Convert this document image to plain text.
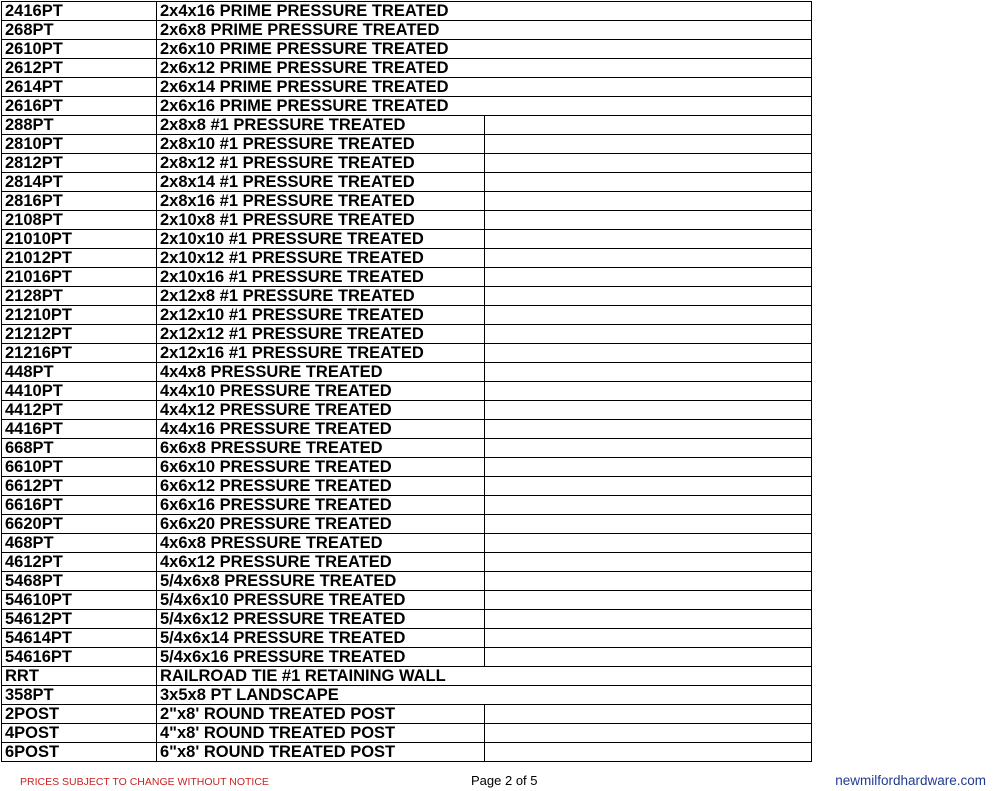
2416PT	2x4x16 PRIME PRESSURE TREATED	
268PT	2x6x8 PRIME PRESSURE TREATED	
2610PT	2x6x10 PRIME PRESSURE TREATED	
2612PT	2x6x12 PRIME PRESSURE TREATED	
2614PT	2x6x14 PRIME PRESSURE TREATED	
2616PT	2x6x16 PRIME PRESSURE TREATED	
288PT	2x8x8 #1 PRESSURE TREATED	
2810PT	2x8x10 #1 PRESSURE TREATED	
2812PT	2x8x12 #1 PRESSURE TREATED	
2814PT	2x8x14 #1 PRESSURE TREATED	
2816PT	2x8x16 #1 PRESSURE TREATED	
2108PT	2x10x8 #1 PRESSURE TREATED	
21010PT	2x10x10 #1 PRESSURE TREATED	
21012PT	2x10x12 #1 PRESSURE TREATED	
21016PT	2x10x16 #1 PRESSURE TREATED	
2128PT	2x12x8 #1 PRESSURE TREATED	
21210PT	2x12x10 #1 PRESSURE TREATED	
21212PT	2x12x12 #1 PRESSURE TREATED	
21216PT	2x12x16 #1 PRESSURE TREATED	
448PT	4x4x8 PRESSURE TREATED	
4410PT	4x4x10 PRESSURE TREATED	
4412PT	4x4x12 PRESSURE TREATED	
4416PT	4x4x16 PRESSURE TREATED	
668PT	6x6x8 PRESSURE TREATED	
6610PT	6x6x10 PRESSURE TREATED	
6612PT	6x6x12 PRESSURE TREATED	
6616PT	6x6x16 PRESSURE TREATED	
6620PT	6x6x20 PRESSURE TREATED	
468PT	4x6x8 PRESSURE TREATED	
4612PT	4x6x12 PRESSURE TREATED	
5468PT	5/4x6x8 PRESSURE TREATED	
54610PT	5/4x6x10 PRESSURE TREATED	
54612PT	5/4x6x12 PRESSURE TREATED	
54614PT	5/4x6x14 PRESSURE TREATED	
54616PT	5/4x6x16 PRESSURE TREATED	
RRT	RAILROAD TIE #1 RETAINING WALL	
358PT	3x5x8 PT LANDSCAPE	
2POST	2"x8' ROUND TREATED POST	
4POST	4"x8' ROUND TREATED POST	
6POST	6"x8' ROUND TREATED POST	
PRICES SUBJECT TO CHANGE WITHOUT NOTICE	Page 2 of 5	newmilfordhardware.com
